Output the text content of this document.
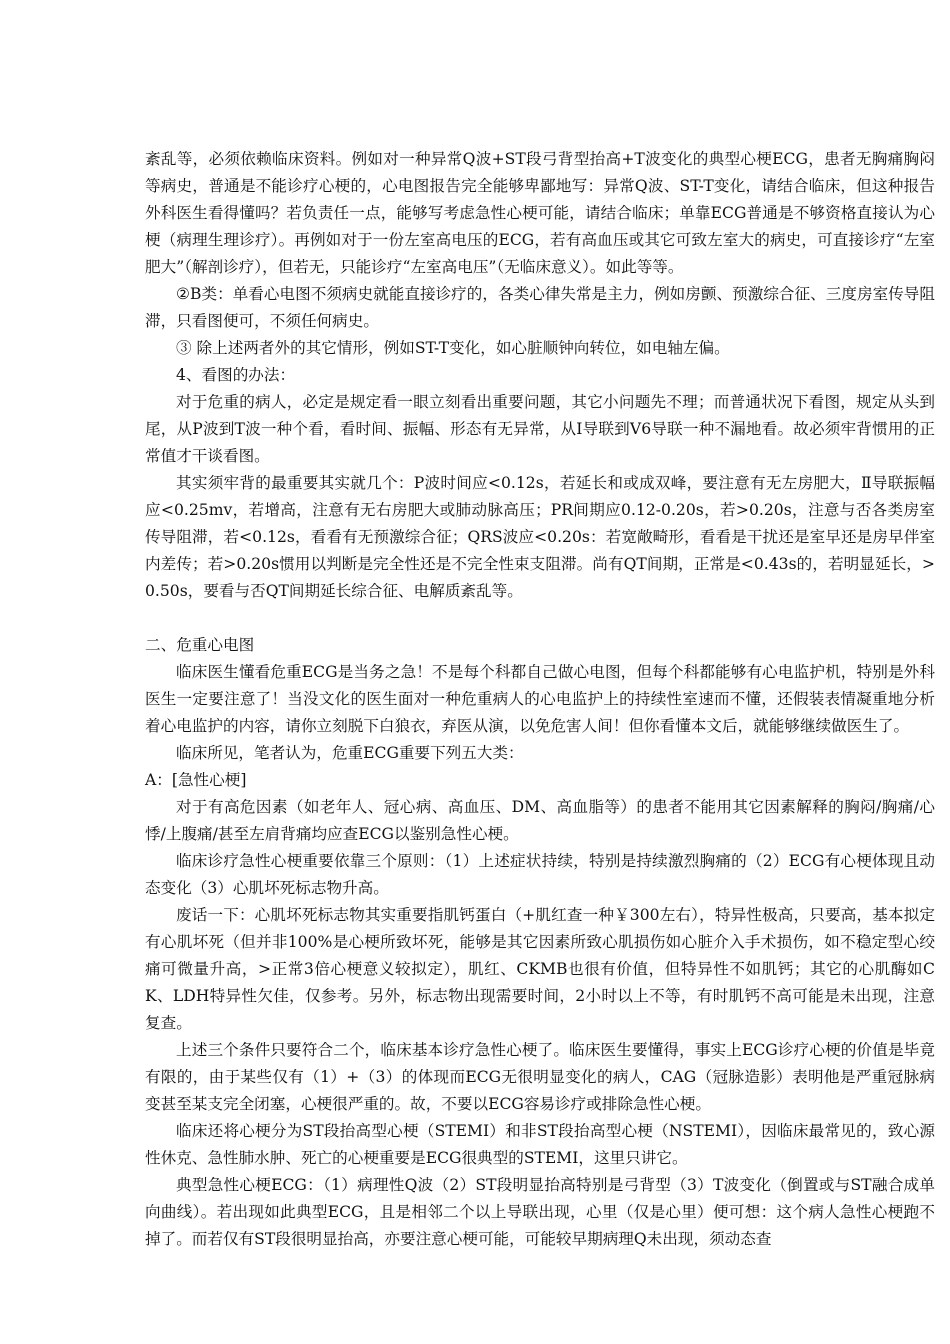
紊乱等，必须依赖临床资料。例如对一种异常Q波+ST段弓背型抬高+T波变化的典型心梗ECG，患者无胸痛胸闷等病史，普通是不能诊疗心梗的，心电图报告完全能够卑鄙地写：异常Q波、ST-T变化，请结合临床，但这种报告外科医生看得懂吗？若负责任一点，能够写考虑急性心梗可能，请结合临床；单靠ECG普通是不够资格直接认为心梗（病理生理诊疗）。再例如对于一份左室高电压的ECG，若有高血压或其它可致左室大的病史，可直接诊疗“左室肥大”（解剖诊疗），但若无，只能诊疗“左室高电压”（无临床意义）。如此等等。

②B类：单看心电图不须病史就能直接诊疗的，各类心律失常是主力，例如房颤、预激综合征、三度房室传导阻滞，只看图便可，不须任何病史。

③ 除上述两者外的其它情形，例如ST-T变化，如心脏顺钟向转位，如电轴左偏。

4、看图的办法：

对于危重的病人，必定是规定看一眼立刻看出重要问题，其它小问题先不理；而普通状况下看图，规定从头到尾，从P波到T波一种个看，看时间、振幅、形态有无异常，从Ⅰ导联到V6导联一种不漏地看。故必须牢背惯用的正常值才干谈看图。

其实须牢背的最重要其实就几个：P波时间应<0.12s，若延长和或成双峰，要注意有无左房肥大，Ⅱ导联振幅应<0.25mv，若增高，注意有无右房肥大或肺动脉高压；PR间期应0.12-0.20s，若>0.20s，注意与否各类房室传导阻滞，若<0.12s，看看有无预激综合征；QRS波应<0.20s：若宽敞畸形，看看是干扰还是室早还是房早伴室内差传；若>0.20s惯用以判断是完全性还是不完全性束支阻滞。尚有QT间期，正常是<0.43s的，若明显延长，>0.50s，要看与否QT间期延长综合征、电解质紊乱等。

二、危重心电图

临床医生懂看危重ECG是当务之急！不是每个科都自己做心电图，但每个科都能够有心电监护机，特别是外科医生一定要注意了！当没文化的医生面对一种危重病人的心电监护上的持续性室速而不懂，还假装表情凝重地分析着心电监护的内容，请你立刻脱下白狼衣，弃医从演，以免危害人间！但你看懂本文后，就能够继续做医生了。

临床所见，笔者认为，危重ECG重要下列五大类：

A：[急性心梗]

对于有高危因素（如老年人、冠心病、高血压、DM、高血脂等）的患者不能用其它因素解释的胸闷/胸痛/心悸/上腹痛/甚至左肩背痛均应查ECG以鉴别急性心梗。

临床诊疗急性心梗重要依靠三个原则：（1）上述症状持续，特别是持续激烈胸痛的（2）ECG有心梗体现且动态变化（3）心肌坏死标志物升高。

废话一下：心肌坏死标志物其实重要指肌钙蛋白（+肌红查一种￥300左右），特异性极高，只要高，基本拟定有心肌坏死（但并非100%是心梗所致坏死，能够是其它因素所致心肌损伤如心脏介入手术损伤，如不稳定型心绞痛可微量升高，>正常3倍心梗意义较拟定），肌红、CKMB也很有价值，但特异性不如肌钙；其它的心肌酶如CK、LDH特异性欠佳，仅参考。另外，标志物出现需要时间，2小时以上不等，有时肌钙不高可能是未出现，注意复查。

上述三个条件只要符合二个，临床基本诊疗急性心梗了。临床医生要懂得，事实上ECG诊疗心梗的价值是毕竟有限的，由于某些仅有（1）+（3）的体现而ECG无很明显变化的病人，CAG（冠脉造影）表明他是严重冠脉病变甚至某支完全闭塞，心梗很严重的。故，不要以ECG容易诊疗或排除急性心梗。

临床还将心梗分为ST段抬高型心梗（STEMI）和非ST段抬高型心梗（NSTEMI），因临床最常见的，致心源性休克、急性肺水肿、死亡的心梗重要是ECG很典型的STEMI，这里只讲它。

典型急性心梗ECG：（1）病理性Q波（2）ST段明显抬高特别是弓背型（3）T波变化（倒置或与ST融合成单向曲线）。若出现如此典型ECG，且是相邻二个以上导联出现，心里（仅是心里）便可想：这个病人急性心梗跑不掉了。而若仅有ST段很明显抬高，亦要注意心梗可能，可能较早期病理Q未出现，须动态查
